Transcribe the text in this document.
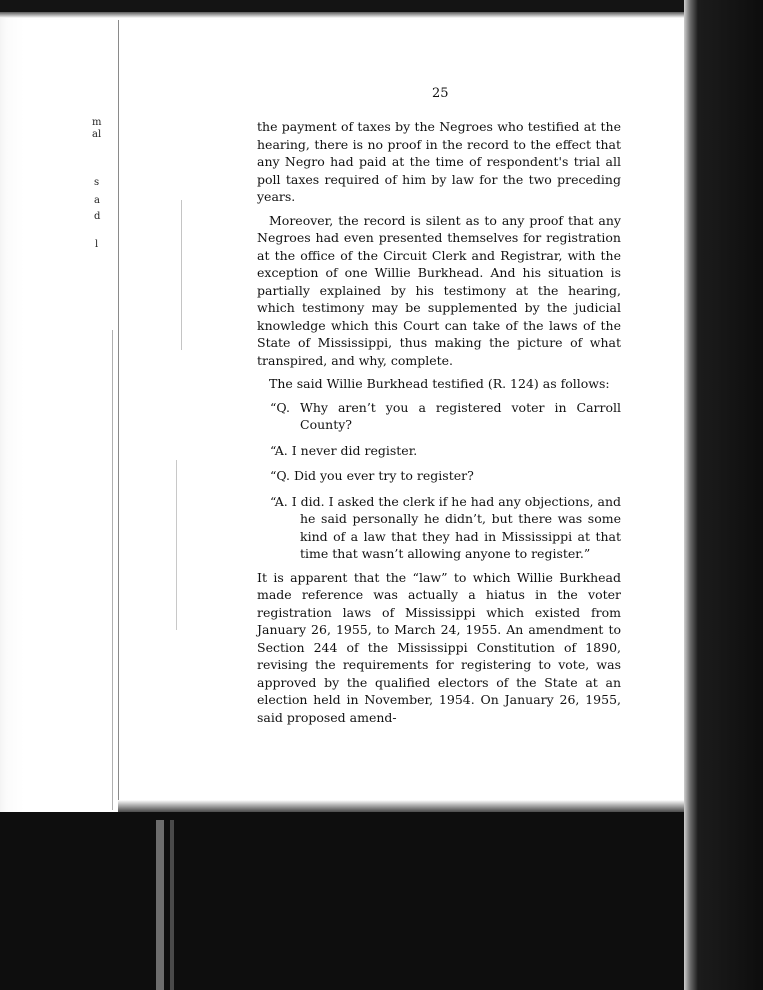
m
al
s
a
d
l
25

the payment of taxes by the Negroes who testified at the hearing, there is no proof in the record to the effect that any Negro had paid at the time of respondent's trial all poll taxes required of him by law for the two preceding years.

Moreover, the record is silent as to any proof that any Negroes had even presented themselves for registration at the office of the Circuit Clerk and Registrar, with the exception of one Willie Burkhead. And his situation is partially explained by his testimony at the hearing, which testimony may be supplemented by the judicial knowledge which this Court can take of the laws of the State of Mississippi, thus making the picture of what transpired, and why, complete.

The said Willie Burkhead testified (R. 124) as follows:

“Q. Why aren’t you a registered voter in Carroll County?

“A. I never did register.

“Q. Did you ever try to register?

“A. I did. I asked the clerk if he had any objections, and he said personally he didn’t, but there was some kind of a law that they had in Mississippi at that time that wasn’t allowing anyone to register.”

It is apparent that the “law” to which Willie Burkhead made reference was actually a hiatus in the voter registration laws of Mississippi which existed from January 26, 1955, to March 24, 1955. An amendment to Section 244 of the Mississippi Constitution of 1890, revising the requirements for registering to vote, was approved by the qualified electors of the State at an election held in November, 1954. On January 26, 1955, said proposed amend-
